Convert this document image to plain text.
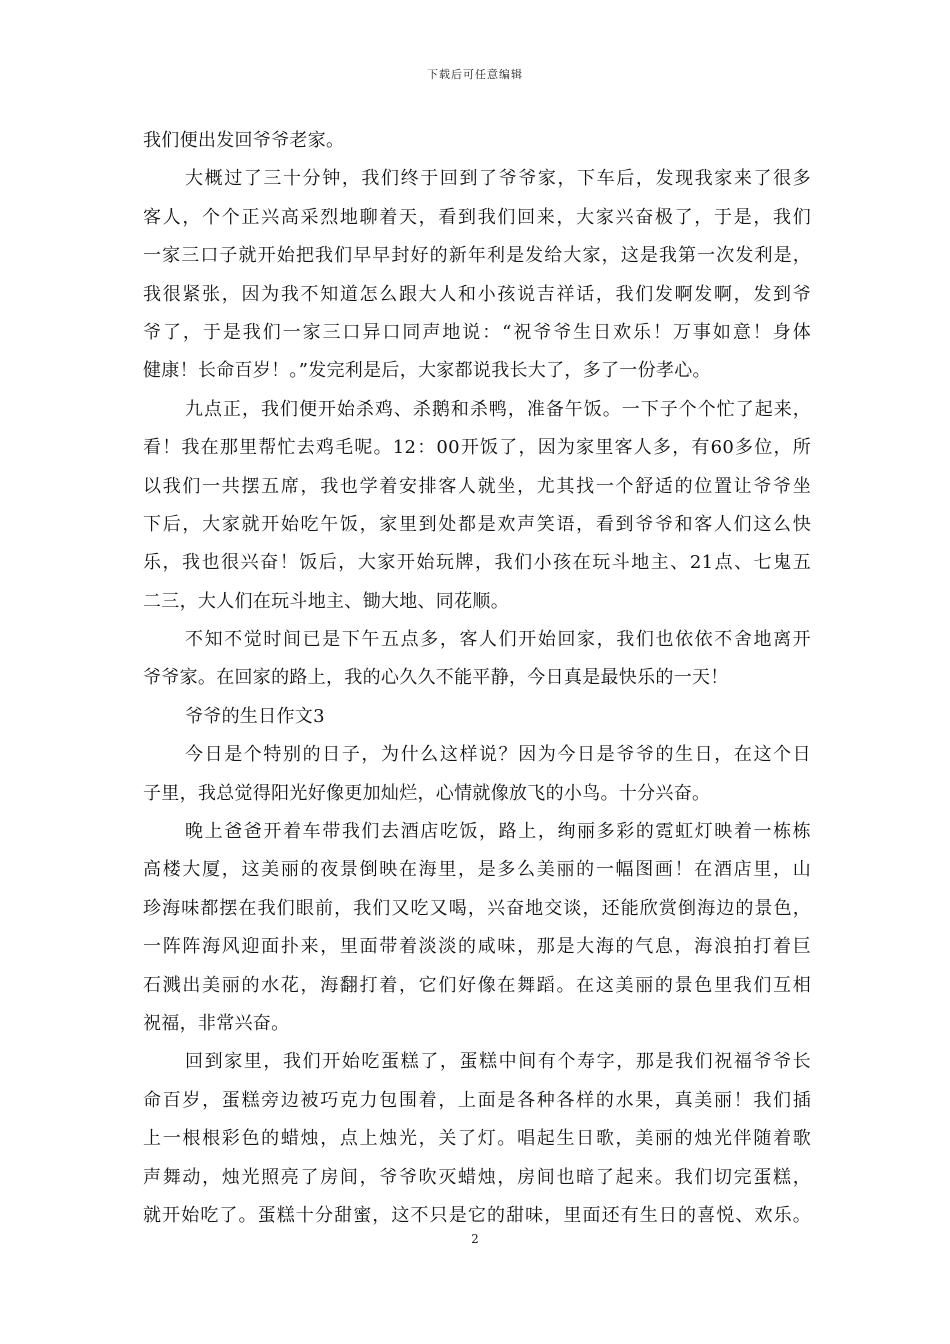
下载后可任意编辑
我们便出发回爷爷老家。
大概过了三十分钟，我们终于回到了爷爷家，下车后，发现我家来了很多
客人，个个正兴高采烈地聊着天，看到我们回来，大家兴奋极了，于是，我们
一家三口子就开始把我们早早封好的新年利是发给大家，这是我第一次发利是，
我很紧张，因为我不知道怎么跟大人和小孩说吉祥话，我们发啊发啊，发到爷
爷了，于是我们一家三口异口同声地说：“祝爷爷生日欢乐！万事如意！身体
健康！长命百岁！。”发完利是后，大家都说我长大了，多了一份孝心。
九点正，我们便开始杀鸡、杀鹅和杀鸭，准备午饭。一下子个个忙了起来，
看！我在那里帮忙去鸡毛呢。12：00开饭了，因为家里客人多，有60多位，所
以我们一共摆五席，我也学着安排客人就坐，尤其找一个舒适的位置让爷爷坐
下后，大家就开始吃午饭，家里到处都是欢声笑语，看到爷爷和客人们这么快
乐，我也很兴奋！饭后，大家开始玩牌，我们小孩在玩斗地主、21点、七鬼五
二三，大人们在玩斗地主、锄大地、同花顺。
不知不觉时间已是下午五点多，客人们开始回家，我们也依依不舍地离开
爷爷家。在回家的路上，我的心久久不能平静，今日真是最快乐的一天！
爷爷的生日作文3
今日是个特别的日子，为什么这样说？因为今日是爷爷的生日，在这个日
子里，我总觉得阳光好像更加灿烂，心情就像放飞的小鸟。十分兴奋。
晚上爸爸开着车带我们去酒店吃饭，路上，绚丽多彩的霓虹灯映着一栋栋
高楼大厦，这美丽的夜景倒映在海里，是多么美丽的一幅图画！在酒店里，山
珍海味都摆在我们眼前，我们又吃又喝，兴奋地交谈，还能欣赏倒海边的景色，
一阵阵海风迎面扑来，里面带着淡淡的咸味，那是大海的气息，海浪拍打着巨
石溅出美丽的水花，海翻打着，它们好像在舞蹈。在这美丽的景色里我们互相
祝福，非常兴奋。
回到家里，我们开始吃蛋糕了，蛋糕中间有个寿字，那是我们祝福爷爷长
命百岁，蛋糕旁边被巧克力包围着，上面是各种各样的水果，真美丽！我们插
上一根根彩色的蜡烛，点上烛光，关了灯。唱起生日歌，美丽的烛光伴随着歌
声舞动，烛光照亮了房间，爷爷吹灭蜡烛，房间也暗了起来。我们切完蛋糕，
就开始吃了。蛋糕十分甜蜜，这不只是它的甜味，里面还有生日的喜悦、欢乐。
2
